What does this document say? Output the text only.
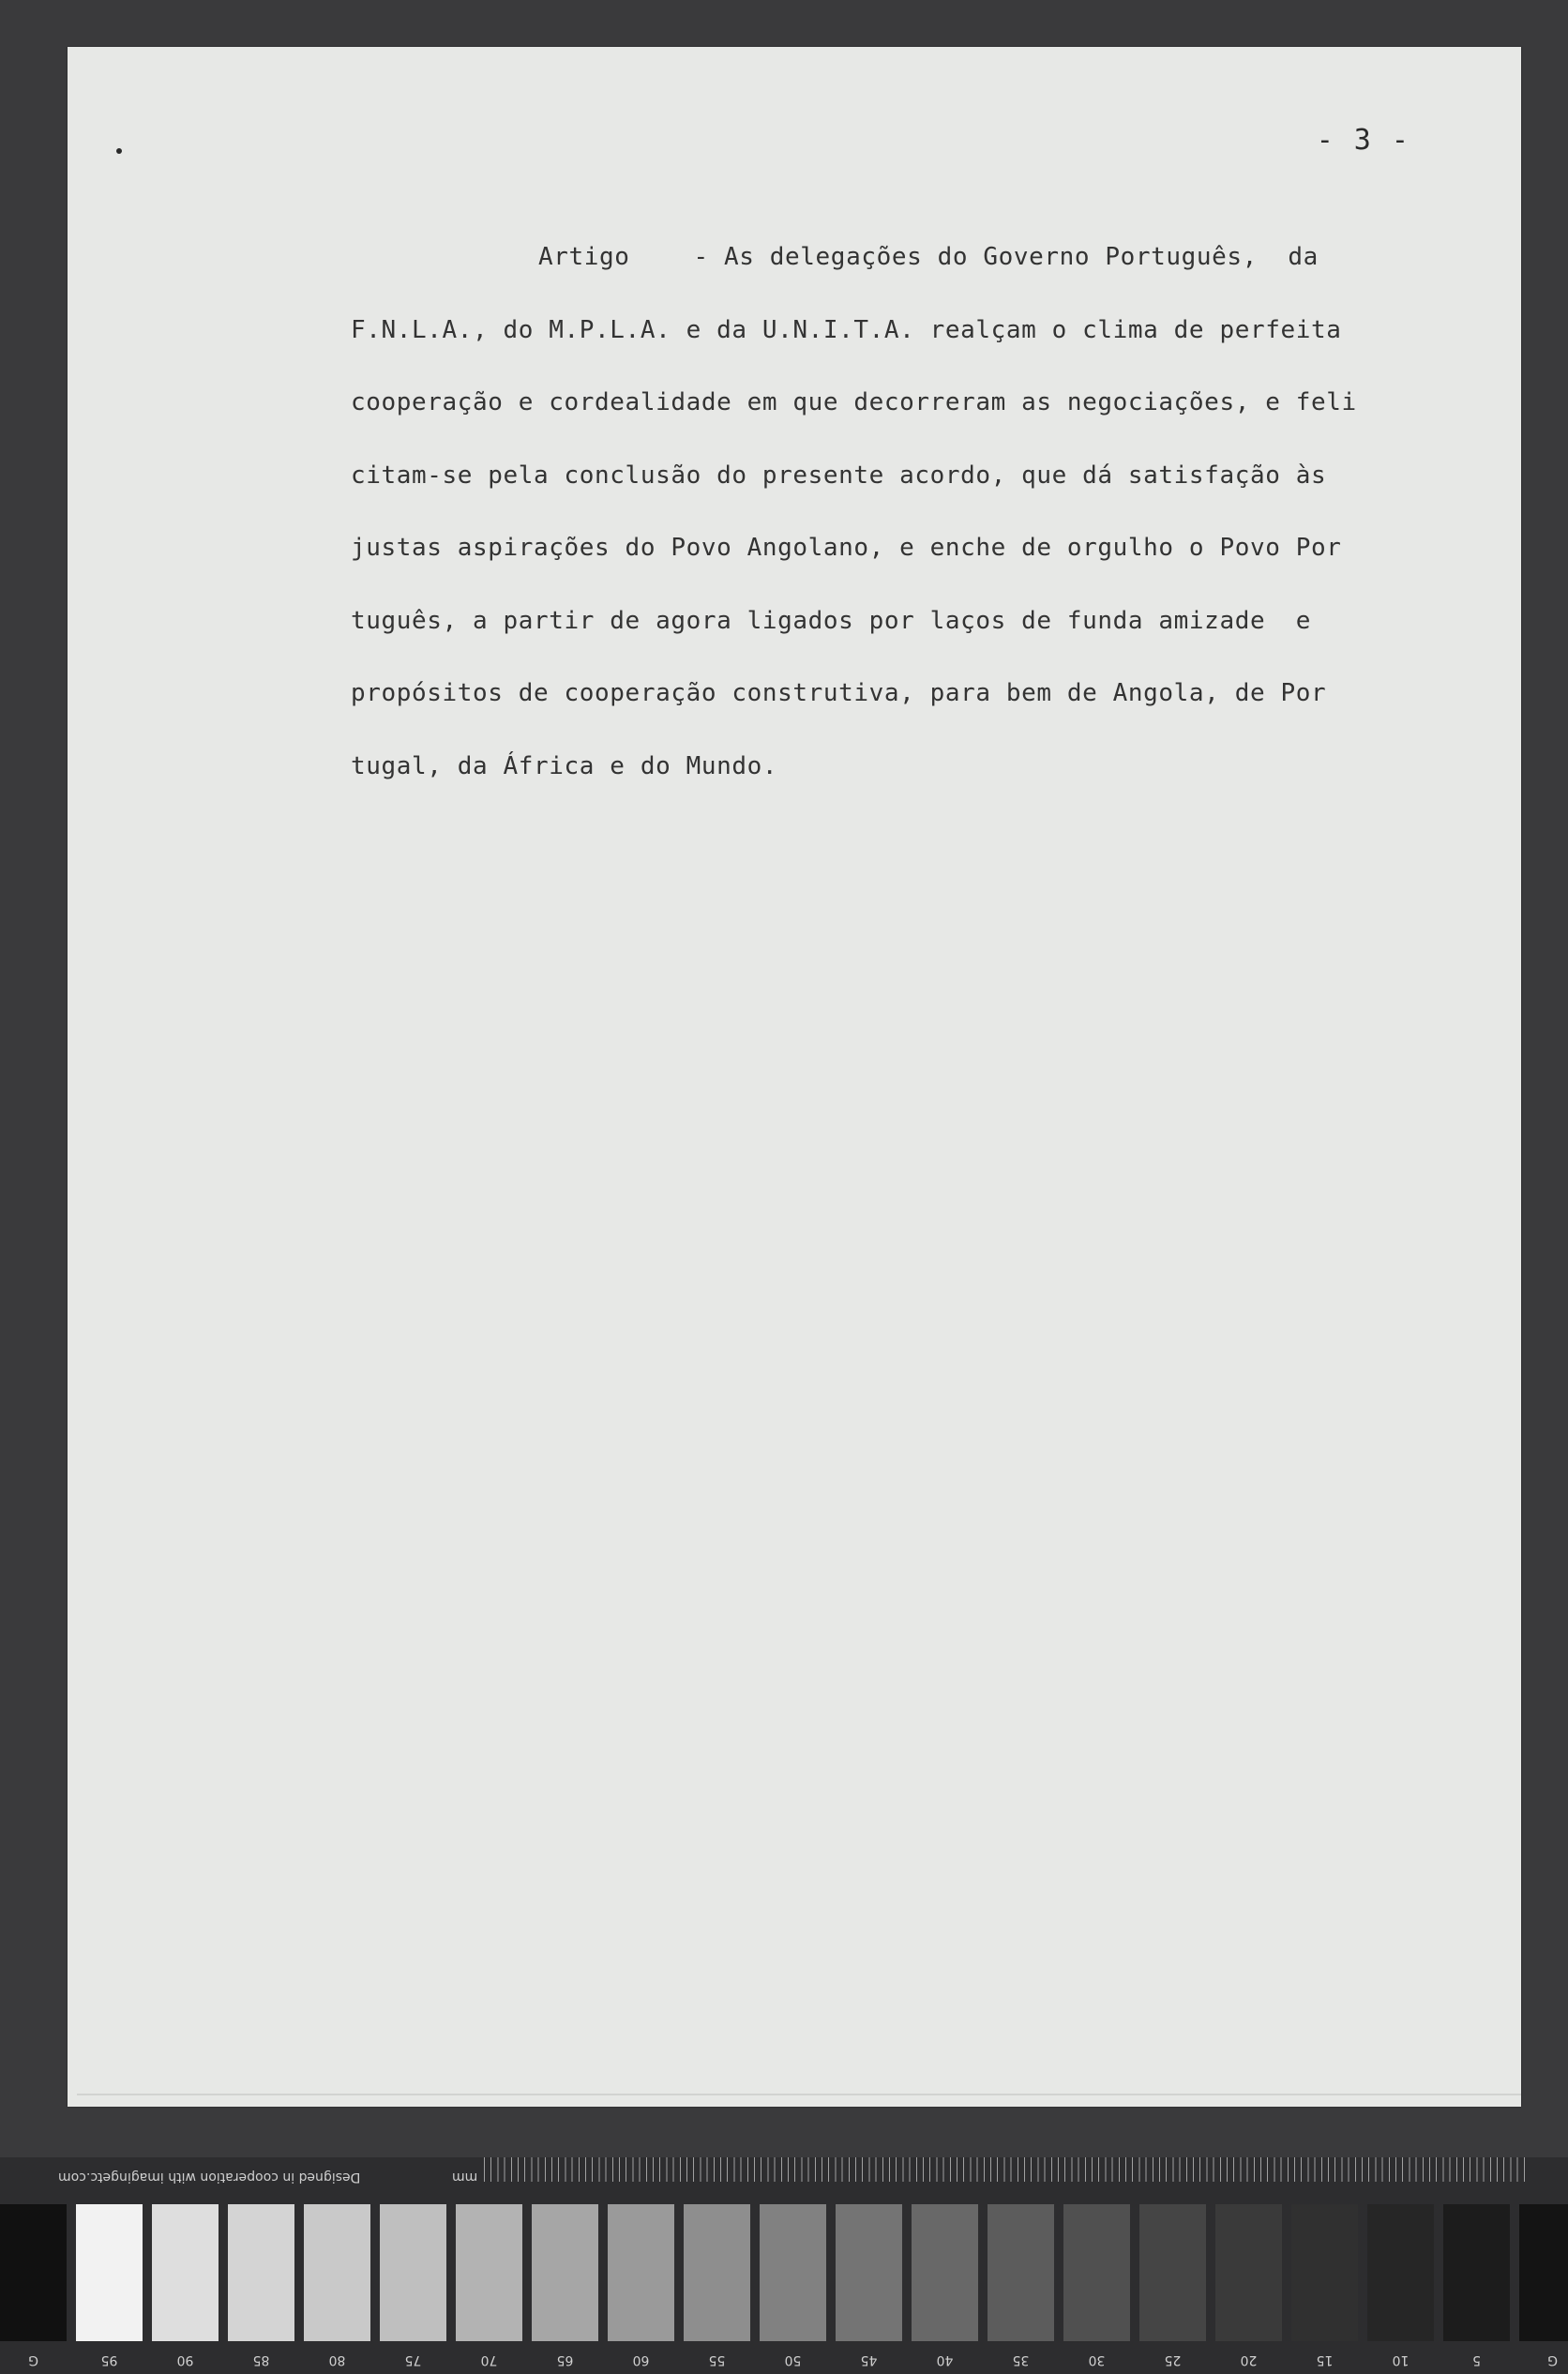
- 3 -
Artigo	- As delegações do Governo Português,  da
F.N.L.A., do M.P.L.A. e da U.N.I.T.A. realçam o clima de perfeita
cooperação e cordealidade em que decorreram as negociações, e feli
citam-se pela conclusão do presente acordo, que dá satisfação às
justas aspirações do Povo Angolano, e enche de orgulho o Povo Por
tuguês, a partir de agora ligados por laços de funda amizade  e
propósitos de cooperação construtiva, para bem de Angola, de Por
tugal, da África e do Mundo.
Designed in cooperation with imagingetc.com	mm
G	95	90	85	80	75	70	65	60	55	50	45	40	35	30	25	20	15	10	5	G
